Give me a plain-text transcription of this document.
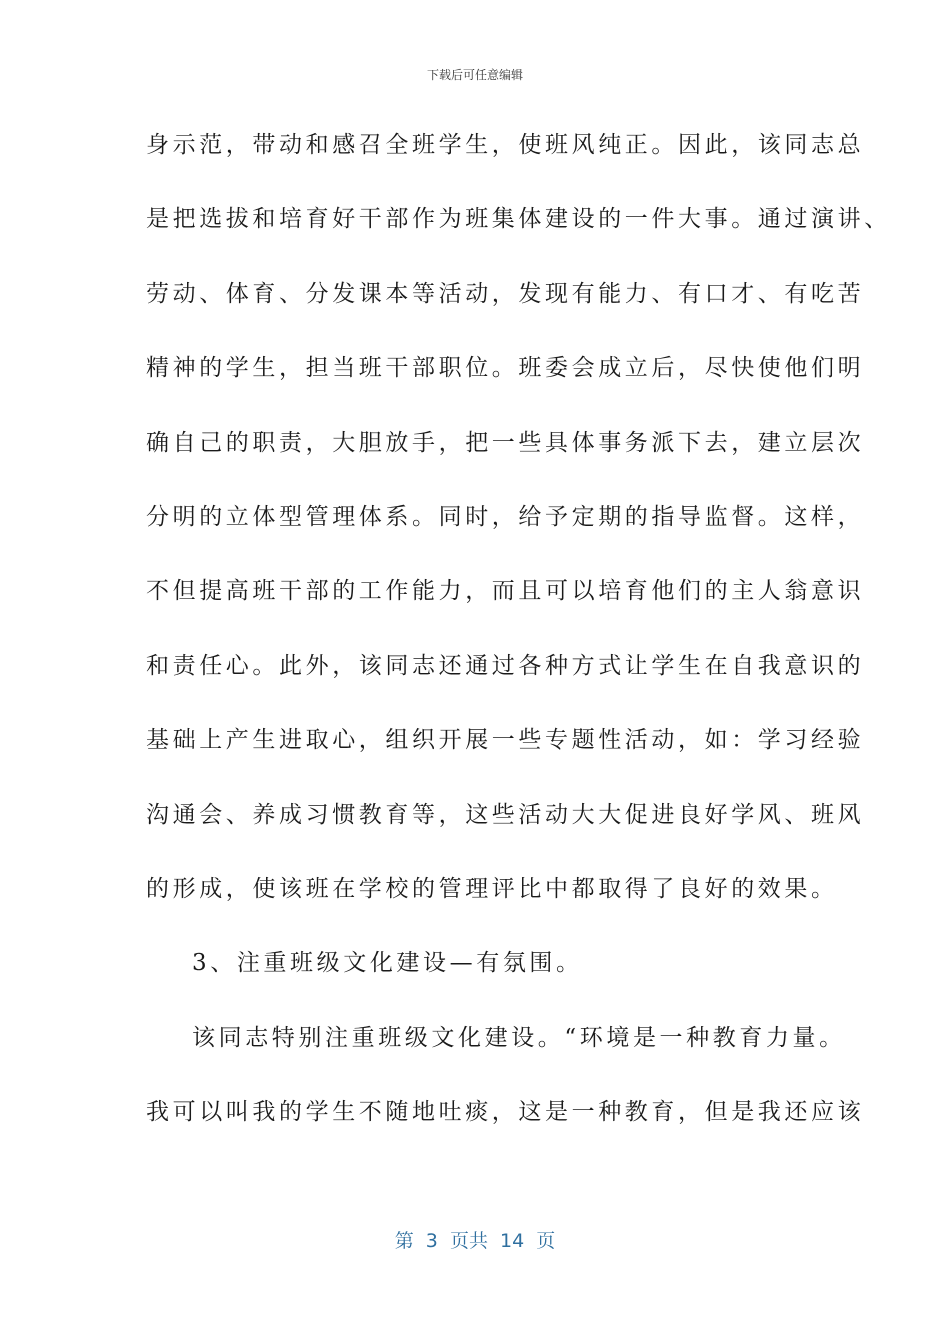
下载后可任意编辑
身示范，带动和感召全班学生，使班风纯正。因此，该同志总
是把选拔和培育好干部作为班集体建设的一件大事。通过演讲、
劳动、体育、分发课本等活动，发现有能力、有口才、有吃苦
精神的学生，担当班干部职位。班委会成立后，尽快使他们明
确自己的职责，大胆放手，把一些具体事务派下去，建立层次
分明的立体型管理体系。同时，给予定期的指导监督。这样，
不但提高班干部的工作能力，而且可以培育他们的主人翁意识
和责任心。此外，该同志还通过各种方式让学生在自我意识的
基础上产生进取心，组织开展一些专题性活动，如：学习经验
沟通会、养成习惯教育等，这些活动大大促进良好学风、班风
的形成，使该班在学校的管理评比中都取得了良好的效果。
3、注重班级文化建设—有氛围。
该同志特别注重班级文化建设。“环境是一种教育力量。
我可以叫我的学生不随地吐痰，这是一种教育，但是我还应该
第  3  页共  14  页
